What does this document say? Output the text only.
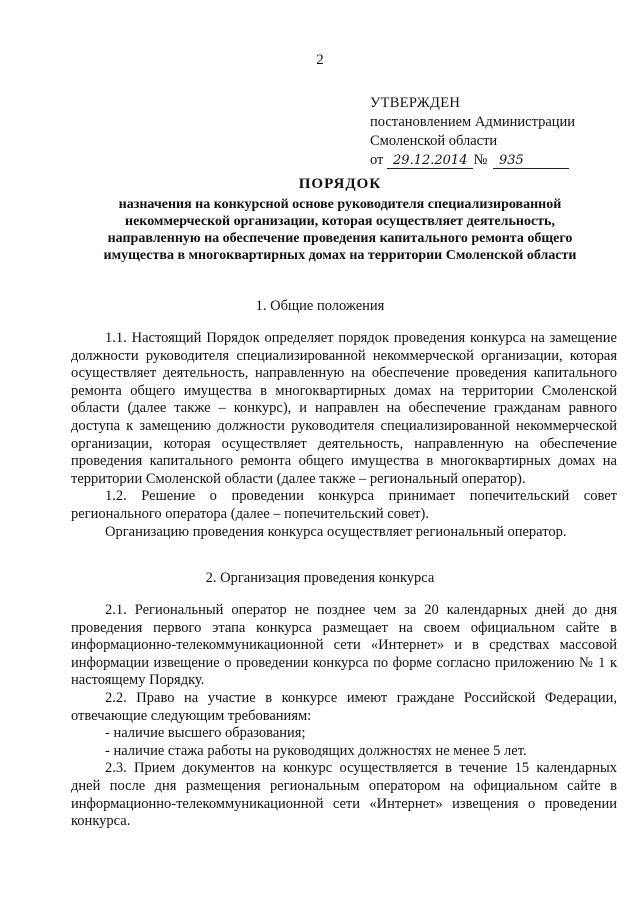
2
УТВЕРЖДЕН
постановлением Администрации
Смоленской области
от 29.12.2014 № 935
ПОРЯДОК
назначения на конкурсной основе руководителя специализированной некоммерческой организации, которая осуществляет деятельность, направленную на обеспечение проведения капитального ремонта общего имущества в многоквартирных домах на территории Смоленской области
1. Общие положения

1.1. Настоящий Порядок определяет порядок проведения конкурса на замещение должности руководителя специализированной некоммерческой организации, которая осуществляет деятельность, направленную на обеспечение проведения капитального ремонта общего имущества в многоквартирных домах на территории Смоленской области (далее также – конкурс), и направлен на обеспечение гражданам равного доступа к замещению должности руководителя специализированной некоммерческой организации, которая осуществляет деятельность, направленную на обеспечение проведения капитального ремонта общего имущества в многоквартирных домах на территории Смоленской области (далее также – региональный оператор).

1.2. Решение о проведении конкурса принимает попечительский совет регионального оператора (далее – попечительский совет).

Организацию проведения конкурса осуществляет региональный оператор.

2. Организация проведения конкурса

2.1. Региональный оператор не позднее чем за 20 календарных дней до дня проведения первого этапа конкурса размещает на своем официальном сайте в информационно-телекоммуникационной сети «Интернет» и в средствах массовой информации извещение о проведении конкурса по форме согласно приложению № 1 к настоящему Порядку.

2.2. Право на участие в конкурсе имеют граждане Российской Федерации, отвечающие следующим требованиям:

- наличие высшего образования;

- наличие стажа работы на руководящих должностях не менее 5 лет.

2.3. Прием документов на конкурс осуществляется в течение 15 календарных дней после дня размещения региональным оператором на официальном сайте в информационно-телекоммуникационной сети «Интернет» извещения о проведении конкурса.
